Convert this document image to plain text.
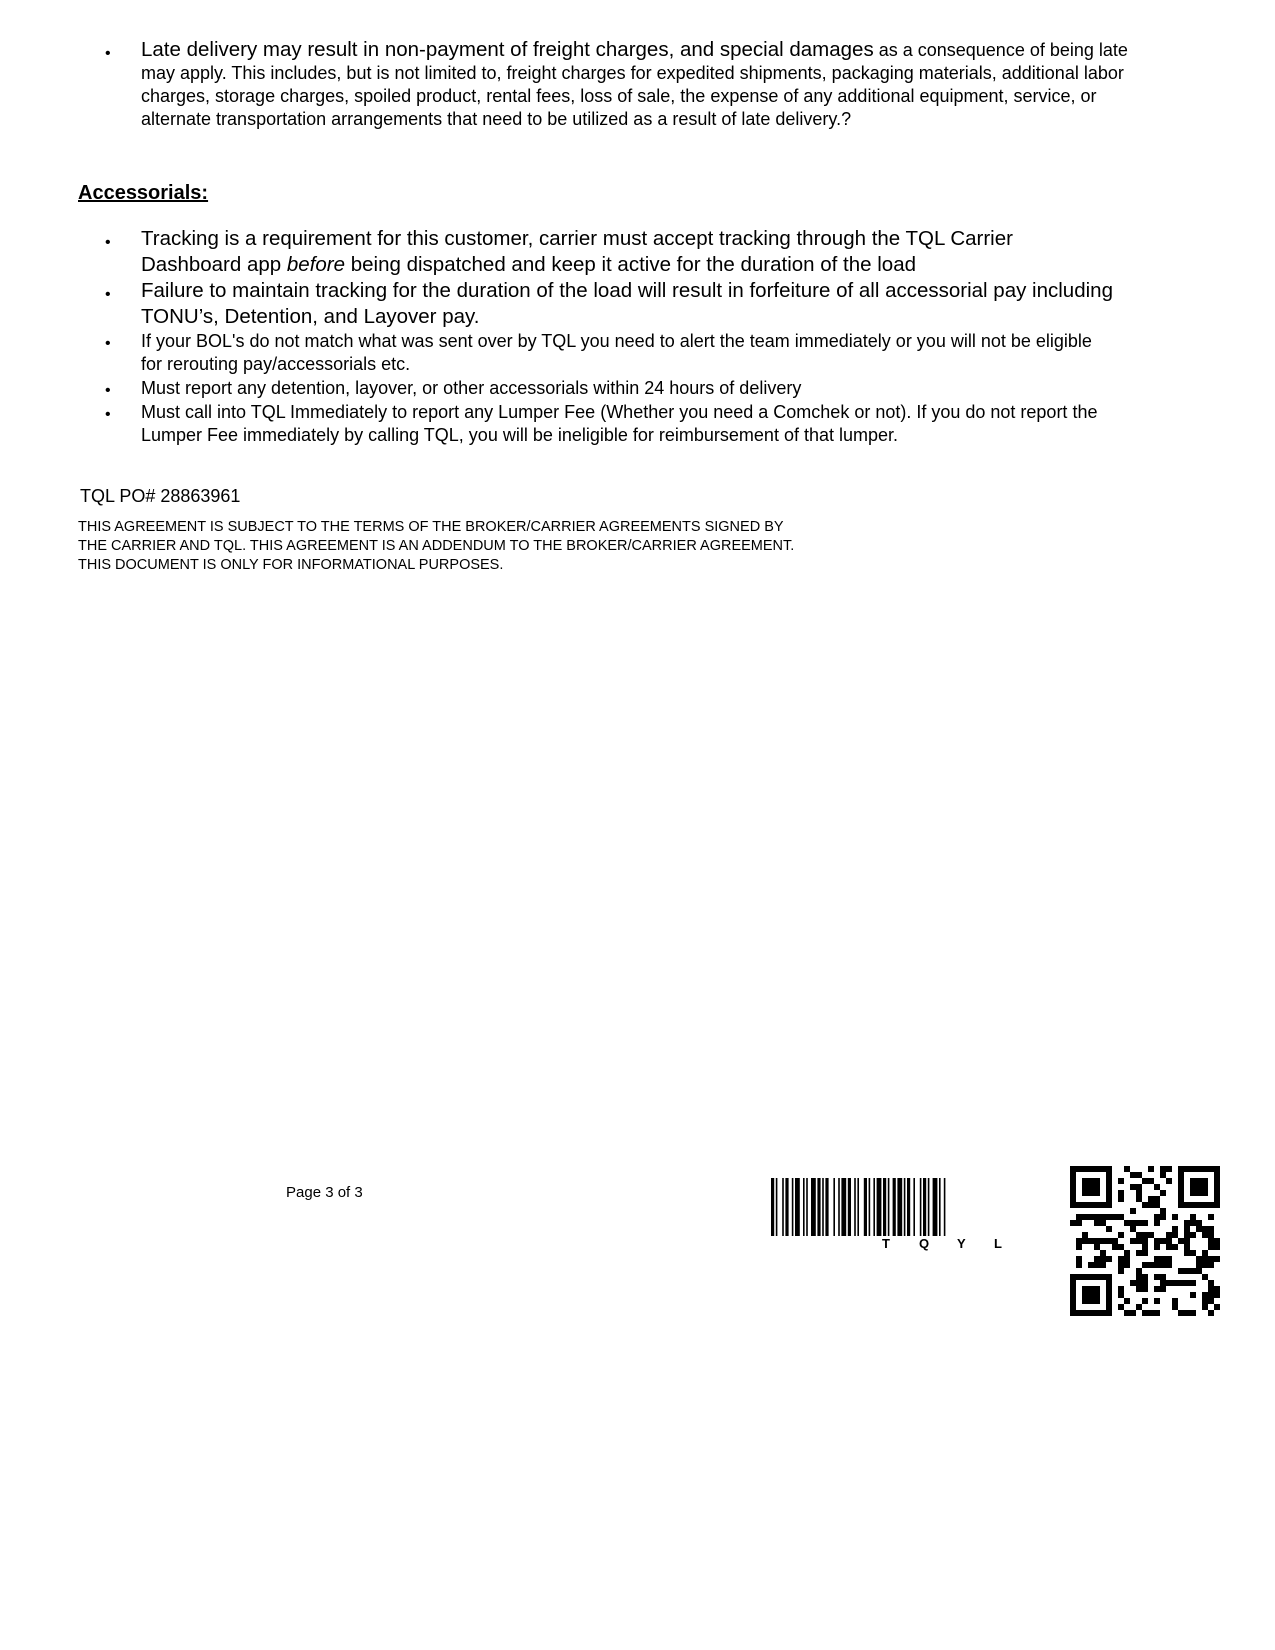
• Late delivery may result in non-payment of freight charges, and special damages as a consequence of being late may apply. This includes, but is not limited to, freight charges for expedited shipments, packaging materials, additional labor charges, storage charges, spoiled product, rental fees, loss of sale, the expense of any additional equipment, service, or alternate transportation arrangements that need to be utilized as a result of late delivery.?
Accessorials:
• Tracking is a requirement for this customer, carrier must accept tracking through the TQL Carrier Dashboard app before being dispatched and keep it active for the duration of the load
• Failure to maintain tracking for the duration of the load will result in forfeiture of all accessorial pay including TONU’s, Detention, and Layover pay.
• If your BOL's do not match what was sent over by TQL you need to alert the team immediately or you will not be eligible for rerouting pay/accessorials etc.
• Must report any detention, layover, or other accessorials within 24 hours of delivery
• Must call into TQL Immediately to report any Lumper Fee (Whether you need a Comchek or not). If you do not report the Lumper Fee immediately by calling TQL, you will be ineligible for reimbursement of that lumper.
TQL PO# 28863961
THIS AGREEMENT IS SUBJECT TO THE TERMS OF THE BROKER/CARRIER AGREEMENTS SIGNED BY THE CARRIER AND TQL. THIS AGREEMENT IS AN ADDENDUM TO THE BROKER/CARRIER AGREEMENT. THIS DOCUMENT IS ONLY FOR INFORMATIONAL PURPOSES.
Page 3 of 3
T Q Y L
